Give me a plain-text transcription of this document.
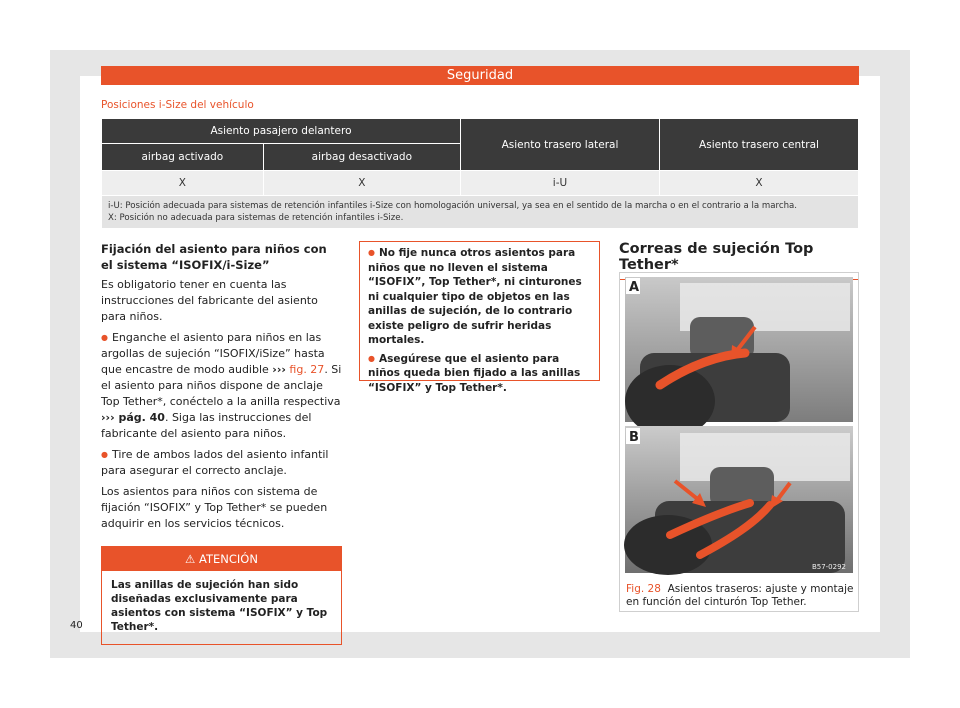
Seguridad
Posiciones i-Size del vehículo
Asiento pasajero delantero		Asiento trasero lateral	Asiento trasero central
airbag activado	airbag desactivado		
X	X	i-U	X

i-U: Posición adecuada para sistemas de retención infantiles i-Size con homologación universal, ya sea en el sentido de la marcha o en el contrario a la marcha.
X: Posición no adecuada para sistemas de retención infantiles i-Size.			
Fijación del asiento para niños con el sistema “ISOFIX/i-Size”

Es obligatorio tener en cuenta las instrucciones del fabricante del asiento para niños.

● Enganche el asiento para niños en las argollas de sujeción “ISOFIX/iSize” hasta que encastre de modo audible ››› fig. 27. Si el asiento para niños dispone de anclaje Top Tether*, conéctelo a la anilla respectiva ››› pág. 40. Siga las instrucciones del fabricante del asiento para niños.

● Tire de ambos lados del asiento infantil para asegurar el correcto anclaje.

Los asientos para niños con sistema de fijación “ISOFIX” y Top Tether* se pueden adquirir en los servicios técnicos.

⚠ ATENCIÓN
Las anillas de sujeción han sido diseñadas exclusivamente para asientos con sistema “ISOFIX” y Top Tether*.

● No fije nunca otros asientos para niños que no lleven el sistema “ISOFIX”, Top Tether*, ni cinturones ni cualquier tipo de objetos en las anillas de sujeción, de lo contrario existe peligro de sufrir heridas mortales.

● Asegúrese que el asiento para niños queda bien fijado a las anillas “ISOFIX” y Top Tether*.

Correas de sujeción Top Tether*
A
B
B57-0292
Fig. 28 Asientos traseros: ajuste y montaje en función del cinturón Top Tether.
40
